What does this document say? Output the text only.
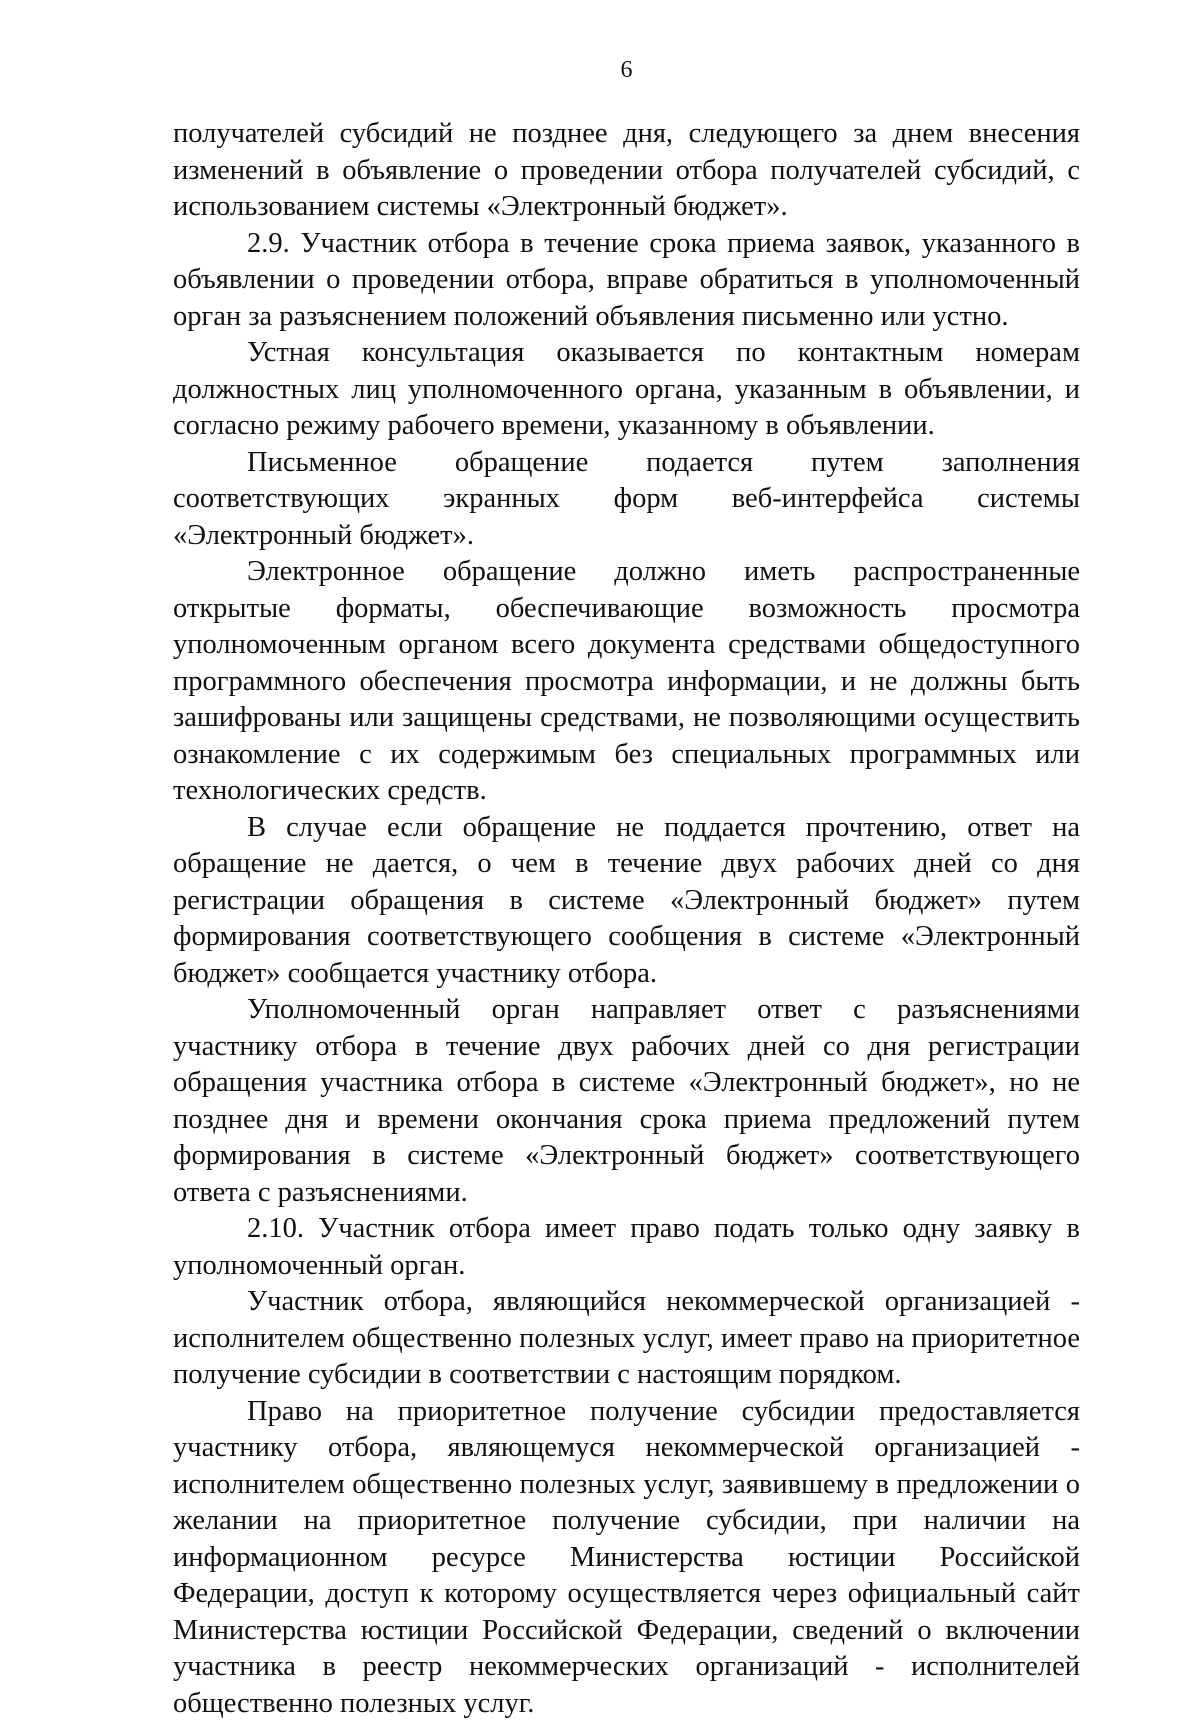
6

получателей субсидий не позднее дня, следующего за днем внесения изменений в объявление о проведении отбора получателей субсидий, с использованием системы «Электронный бюджет».

2.9. Участник отбора в течение срока приема заявок, указанного в объявлении о проведении отбора, вправе обратиться в уполномоченный орган за разъяснением положений объявления письменно или устно.

Устная консультация оказывается по контактным номерам должностных лиц уполномоченного органа, указанным в объявлении, и согласно режиму рабочего времени, указанному в объявлении.

Письменное обращение подается путем заполнения соответствующих экранных форм веб-интерфейса системы «Электронный бюджет».

Электронное обращение должно иметь распространенные открытые форматы, обеспечивающие возможность просмотра уполномоченным органом всего документа средствами общедоступного программного обеспечения просмотра информации, и не должны быть зашифрованы или защищены средствами, не позволяющими осуществить ознакомление с их содержимым без специальных программных или технологических средств.

В случае если обращение не поддается прочтению, ответ на обращение не дается, о чем в течение двух рабочих дней со дня регистрации обращения в системе «Электронный бюджет» путем формирования соответствующего сообщения в системе «Электронный бюджет» сообщается участнику отбора.

Уполномоченный орган направляет ответ с разъяснениями участнику отбора в течение двух рабочих дней со дня регистрации обращения участника отбора в системе «Электронный бюджет», но не позднее дня и времени окончания срока приема предложений путем формирования в системе «Электронный бюджет» соответствующего ответа с разъяснениями.

2.10. Участник отбора имеет право подать только одну заявку в уполномоченный орган.

Участник отбора, являющийся некоммерческой организацией - исполнителем общественно полезных услуг, имеет право на приоритетное получение субсидии в соответствии с настоящим порядком.

Право на приоритетное получение субсидии предоставляется участнику отбора, являющемуся некоммерческой организацией - исполнителем общественно полезных услуг, заявившему в предложении о желании на приоритетное получение субсидии, при наличии на информационном ресурсе Министерства юстиции Российской Федерации, доступ к которому осуществляется через официальный сайт Министерства юстиции Российской Федерации, сведений о включении участника в реестр некоммерческих организаций - исполнителей общественно полезных услуг.
